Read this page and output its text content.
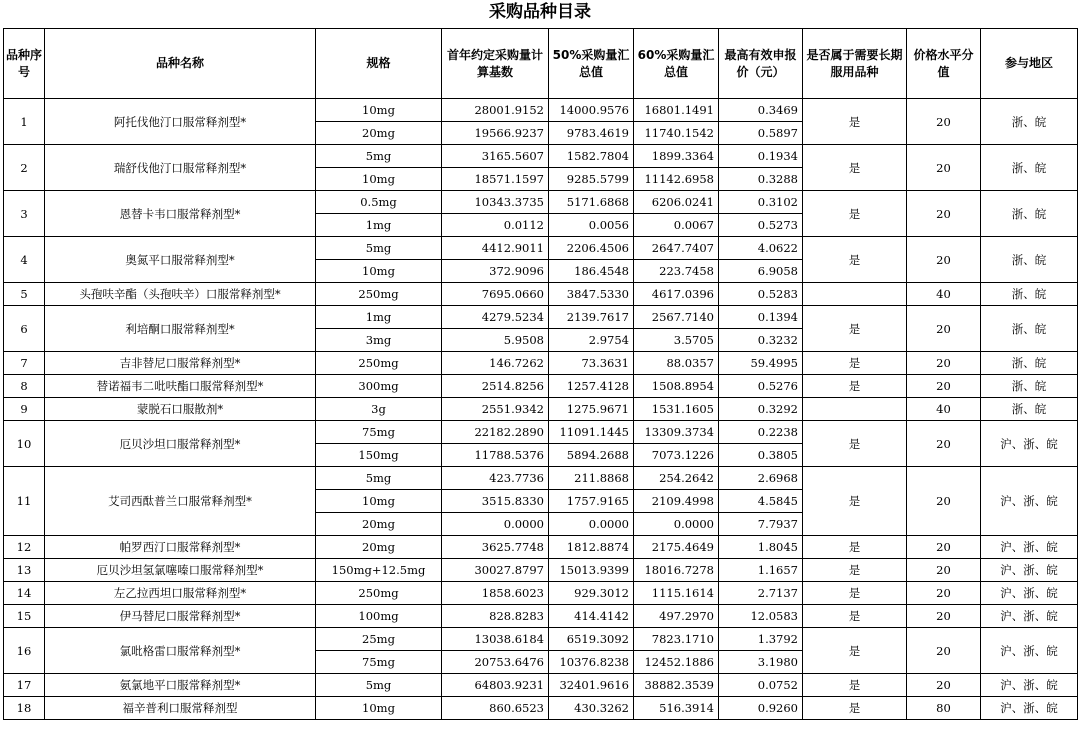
采购品种目录
品种序号	品种名称	规格	首年约定采购量计算基数	50%采购量汇总值	60%采购量汇总值	最高有效申报价（元）	是否属于需要长期服用品种	价格水平分值	参与地区
1	阿托伐他汀口服常释剂型*	10mg	28001.9152	14000.9576	16801.1491	0.3469	是	20	浙、皖
		20mg	19566.9237	9783.4619	11740.1542	0.5897			
2	瑞舒伐他汀口服常释剂型*	5mg	3165.5607	1582.7804	1899.3364	0.1934	是	20	浙、皖
		10mg	18571.1597	9285.5799	11142.6958	0.3288			
3	恩替卡韦口服常释剂型*	0.5mg	10343.3735	5171.6868	6206.0241	0.3102	是	20	浙、皖
		1mg	0.0112	0.0056	0.0067	0.5273			
4	奥氮平口服常释剂型*	5mg	4412.9011	2206.4506	2647.7407	4.0622	是	20	浙、皖
		10mg	372.9096	186.4548	223.7458	6.9058			
5	头孢呋辛酯（头孢呋辛）口服常释剂型*	250mg	7695.0660	3847.5330	4617.0396	0.5283		40	浙、皖
6	利培酮口服常释剂型*	1mg	4279.5234	2139.7617	2567.7140	0.1394	是	20	浙、皖
		3mg	5.9508	2.9754	3.5705	0.3232			
7	吉非替尼口服常释剂型*	250mg	146.7262	73.3631	88.0357	59.4995	是	20	浙、皖
8	替诺福韦二吡呋酯口服常释剂型*	300mg	2514.8256	1257.4128	1508.8954	0.5276	是	20	浙、皖
9	蒙脱石口服散剂*	3g	2551.9342	1275.9671	1531.1605	0.3292		40	浙、皖
10	厄贝沙坦口服常释剂型*	75mg	22182.2890	11091.1445	13309.3734	0.2238	是	20	沪、浙、皖
		150mg	11788.5376	5894.2688	7073.1226	0.3805			
11	艾司西酞普兰口服常释剂型*	5mg	423.7736	211.8868	254.2642	2.6968	是	20	沪、浙、皖
		10mg	3515.8330	1757.9165	2109.4998	4.5845			
		20mg	0.0000	0.0000	0.0000	7.7937			
12	帕罗西汀口服常释剂型*	20mg	3625.7748	1812.8874	2175.4649	1.8045	是	20	沪、浙、皖
13	厄贝沙坦氢氯噻嗪口服常释剂型*	150mg+12.5mg	30027.8797	15013.9399	18016.7278	1.1657	是	20	沪、浙、皖
14	左乙拉西坦口服常释剂型*	250mg	1858.6023	929.3012	1115.1614	2.7137	是	20	沪、浙、皖
15	伊马替尼口服常释剂型*	100mg	828.8283	414.4142	497.2970	12.0583	是	20	沪、浙、皖
16	氯吡格雷口服常释剂型*	25mg	13038.6184	6519.3092	7823.1710	1.3792	是	20	沪、浙、皖
		75mg	20753.6476	10376.8238	12452.1886	3.1980			
17	氨氯地平口服常释剂型*	5mg	64803.9231	32401.9616	38882.3539	0.0752	是	20	沪、浙、皖
18	福辛普利口服常释剂型	10mg	860.6523	430.3262	516.3914	0.9260	是	80	沪、浙、皖
